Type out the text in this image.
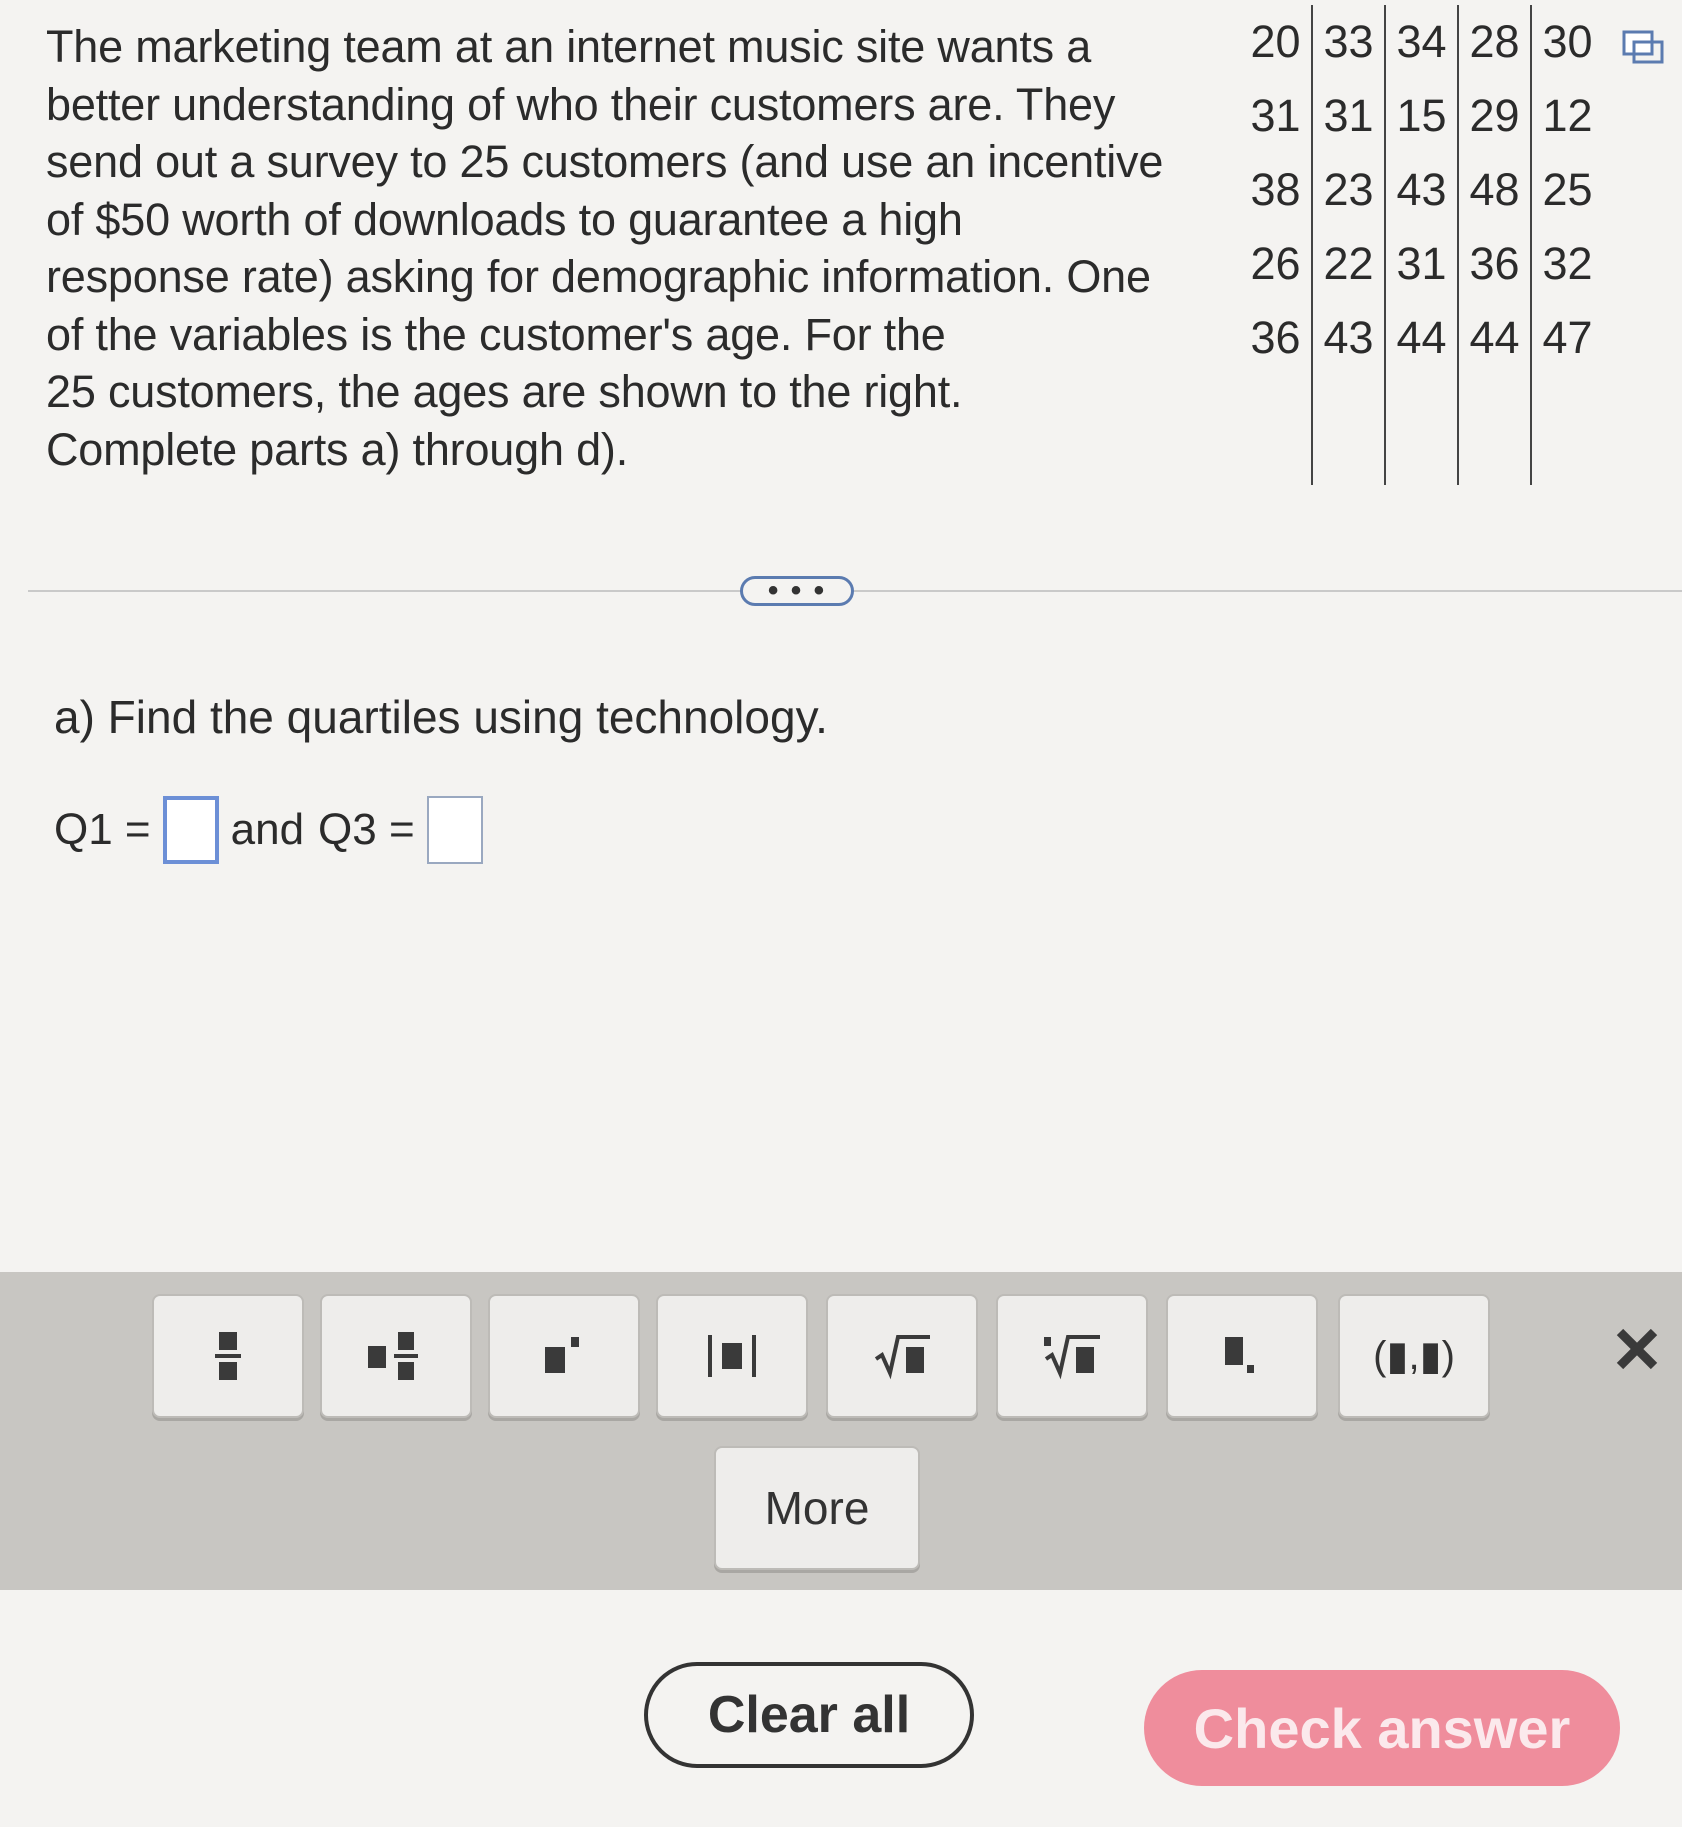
The marketing team at an internet music site wants a
better understanding of who their customers are. They
send out a survey to 25 customers (and use an incentive
of $50 worth of downloads to guarantee a high
response rate) asking for demographic information. One
of the variables is the customer's age. For the
25 customers, the ages are shown to the right.
Complete parts a) through d).
20	33	34	28	30
31	31	15	29	12
38	23	43	48	25
26	22	31	36	32
36	43	44	44	47

• • •
a) Find the quartiles using technology.
Q1 = and Q3 =
(▮,▮)
More
Clear all	Check answer
